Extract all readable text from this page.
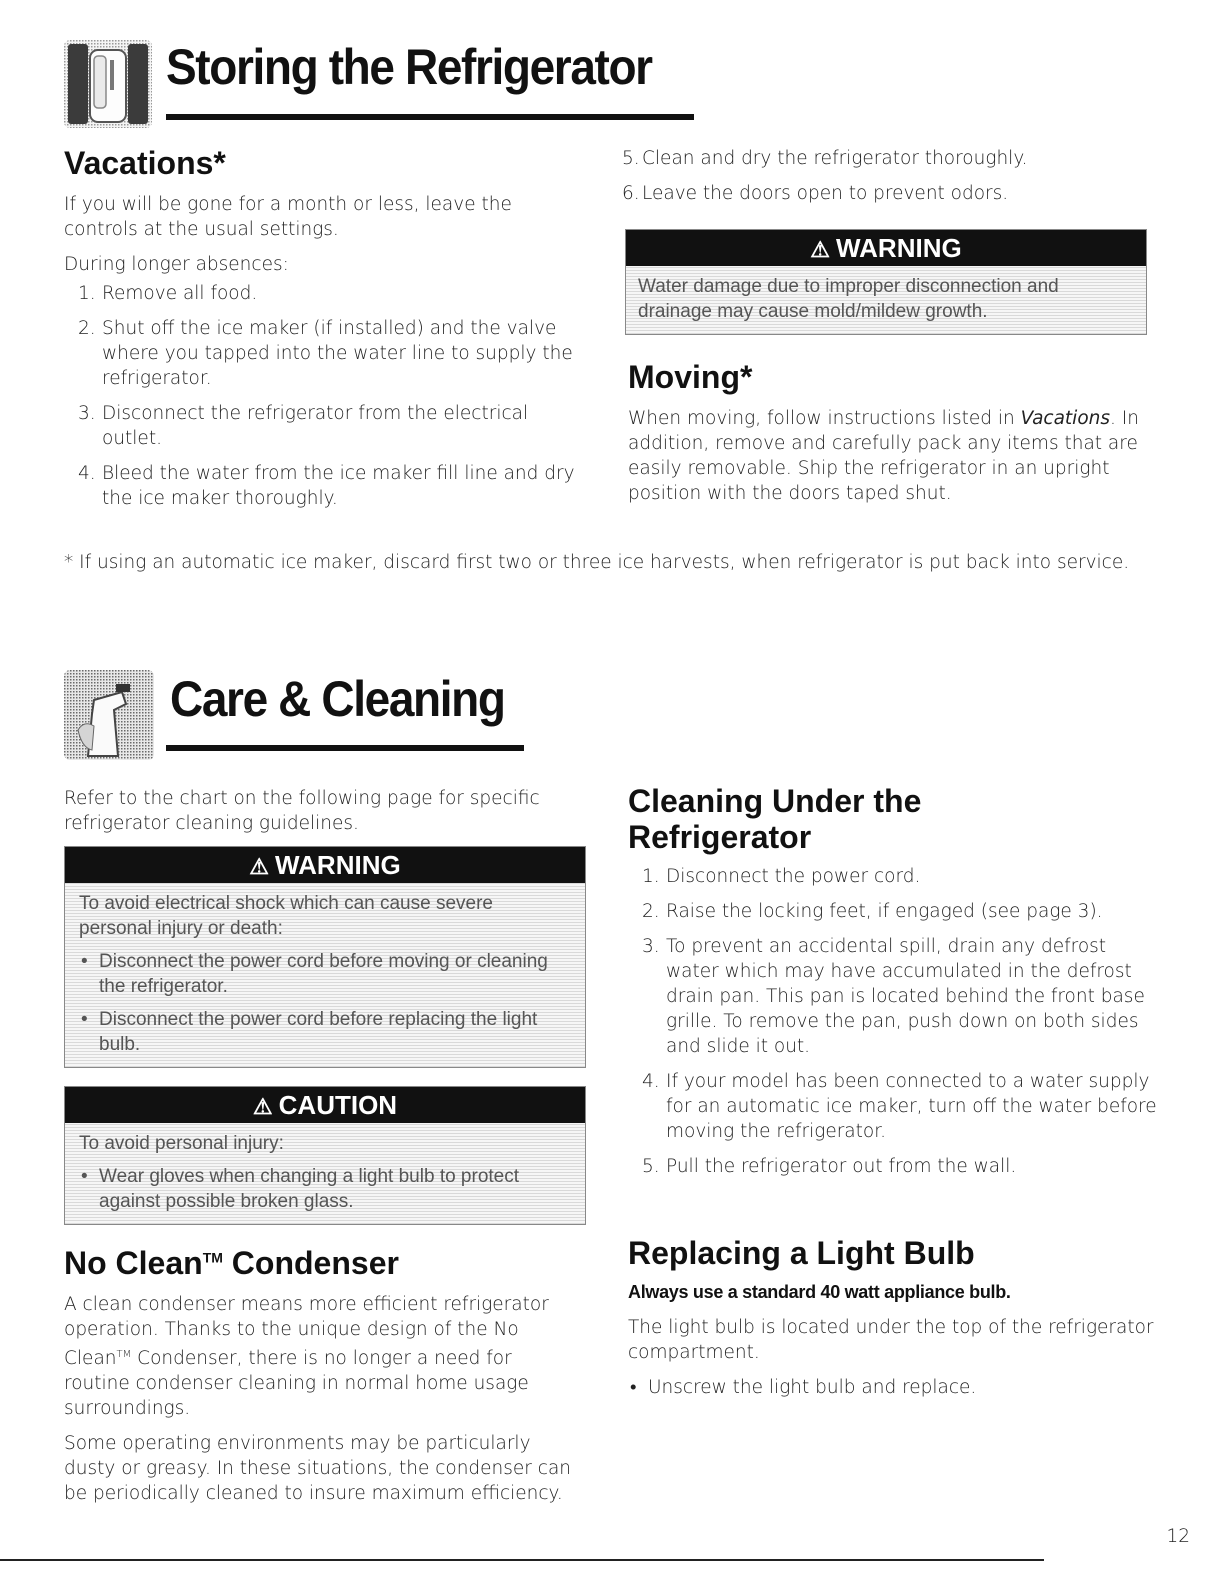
Storing the Refrigerator
Vacations*

If you will be gone for a month or less, leave the controls at the usual settings.

During longer absences:

1. Remove all food.
2. Shut off the ice maker (if installed) and the valve where you tapped into the water line to supply the refrigerator.
3. Disconnect the refrigerator from the electrical outlet.
4. Bleed the water from the ice maker fill line and dry the ice maker thoroughly.
5. Clean and dry the refrigerator thoroughly.
6. Leave the doors open to prevent odors.
⚠ WARNING

Water damage due to improper disconnection and drainage may cause mold/mildew growth.

Moving*

When moving, follow instructions listed in Vacations. In addition, remove and carefully pack any items that are easily removable. Ship the refrigerator in an upright position with the doors taped shut.

* If using an automatic ice maker, discard first two or three ice harvests, when refrigerator is put back into service.
Care & Cleaning
Refer to the chart on the following page for specific refrigerator cleaning guidelines.
⚠ WARNING

To avoid electrical shock which can cause severe personal injury or death:

• Disconnect the power cord before moving or cleaning the refrigerator.
• Disconnect the power cord before replacing the light bulb.
⚠ CAUTION

To avoid personal injury:

• Wear gloves when changing a light bulb to protect against possible broken glass.
No Clean™ Condenser

A clean condenser means more efficient refrigerator operation. Thanks to the unique design of the No Clean™ Condenser, there is no longer a need for routine condenser cleaning in normal home usage surroundings.

Some operating environments may be particularly dusty or greasy. In these situations, the condenser can be periodically cleaned to insure maximum efficiency.

Cleaning Under the
Refrigerator
1. Disconnect the power cord.
2. Raise the locking feet, if engaged (see page 3).
3. To prevent an accidental spill, drain any defrost water which may have accumulated in the defrost drain pan. This pan is located behind the front base grille. To remove the pan, push down on both sides and slide it out.
4. If your model has been connected to a water supply for an automatic ice maker, turn off the water before moving the refrigerator.
5. Pull the refrigerator out from the wall.
Replacing a Light Bulb
Always use a standard 40 watt appliance bulb.

The light bulb is located under the top of the refrigerator compartment.

• Unscrew the light bulb and replace.
12
